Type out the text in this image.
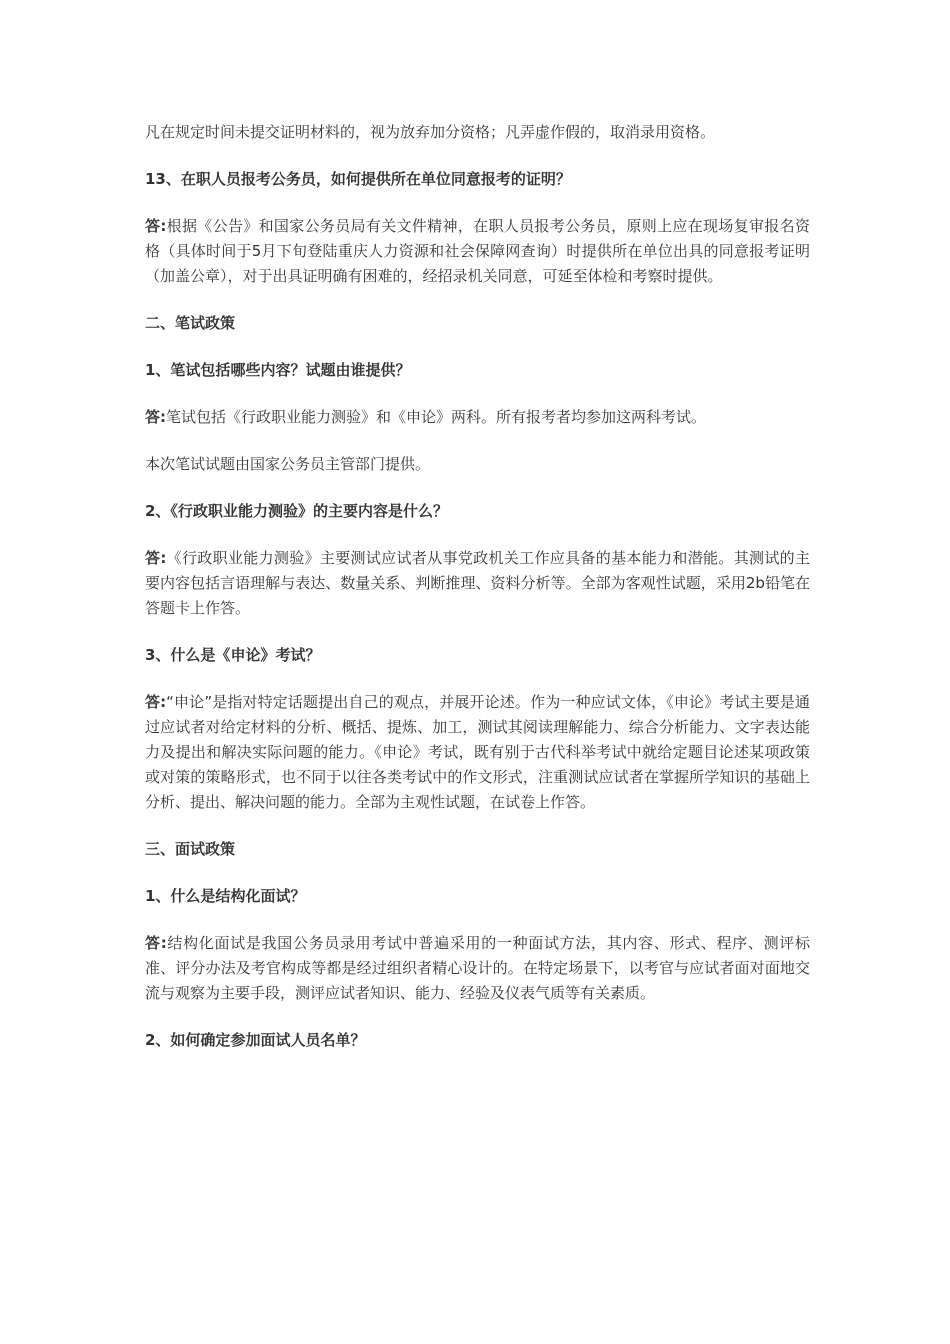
凡在规定时间未提交证明材料的，视为放弃加分资格；凡弄虚作假的，取消录用资格。

13、在职人员报考公务员，如何提供所在单位同意报考的证明？

答:根据《公告》和国家公务员局有关文件精神，在职人员报考公务员，原则上应在现场复审报名资格（具体时间于5月下旬登陆重庆人力资源和社会保障网查询）时提供所在单位出具的同意报考证明（加盖公章），对于出具证明确有困难的，经招录机关同意，可延至体检和考察时提供。

二、笔试政策

1、笔试包括哪些内容？试题由谁提供？

答:笔试包括《行政职业能力测验》和《申论》两科。所有报考者均参加这两科考试。

本次笔试试题由国家公务员主管部门提供。

2、《行政职业能力测验》的主要内容是什么？

答:《行政职业能力测验》主要测试应试者从事党政机关工作应具备的基本能力和潜能。其测试的主要内容包括言语理解与表达、数量关系、判断推理、资料分析等。全部为客观性试题，采用2b铅笔在答题卡上作答。

3、什么是《申论》考试？

答:“申论”是指对特定话题提出自己的观点，并展开论述。作为一种应试文体，《申论》考试主要是通过应试者对给定材料的分析、概括、提炼、加工，测试其阅读理解能力、综合分析能力、文字表达能力及提出和解决实际问题的能力。《申论》考试，既有别于古代科举考试中就给定题目论述某项政策或对策的策略形式，也不同于以往各类考试中的作文形式，注重测试应试者在掌握所学知识的基础上分析、提出、解决问题的能力。全部为主观性试题，在试卷上作答。

三、面试政策

1、什么是结构化面试？

答:结构化面试是我国公务员录用考试中普遍采用的一种面试方法，其内容、形式、程序、测评标准、评分办法及考官构成等都是经过组织者精心设计的。在特定场景下，以考官与应试者面对面地交流与观察为主要手段，测评应试者知识、能力、经验及仪表气质等有关素质。

2、如何确定参加面试人员名单？
